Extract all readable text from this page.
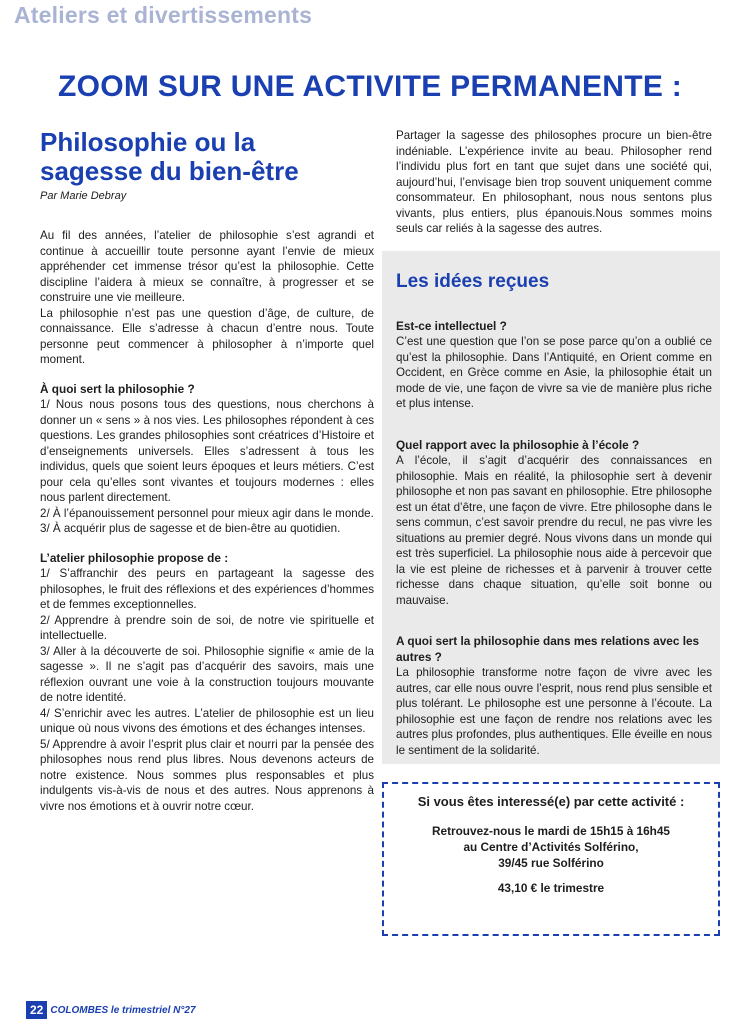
Ateliers et divertissements
ZOOM SUR UNE ACTIVITE PERMANENTE :
Philosophie ou la
sagesse du bien-être
Par Marie Debray

Au fil des années, l’atelier de philosophie s’est agrandi et continue à accueillir toute personne ayant l’envie de mieux appréhender cet immense trésor qu’est la philosophie. Cette discipline l’aidera à mieux se connaître, à progresser et se construire une vie meilleure.

La philosophie n’est pas une question d’âge, de culture, de connaissance. Elle s’adresse à chacun d’entre nous. Toute personne peut commencer à philosopher à n’importe quel moment.

À quoi sert la philosophie ?

1/ Nous nous posons tous des questions, nous cherchons à donner un « sens » à nos vies. Les philosophes répondent à ces questions. Les grandes philosophies sont créatrices d’Histoire et d’enseignements universels. Elles s’adressent à tous les individus, quels que soient leurs époques et leurs métiers. C’est pour cela qu’elles sont vivantes et toujours modernes : elles nous parlent directement.

2/ À l’épanouissement personnel pour mieux agir dans le monde.

3/ À acquérir plus de sagesse et de bien-être au quotidien.

L’atelier philosophie propose de :

1/ S’affranchir des peurs en partageant la sagesse des philosophes, le fruit des réflexions et des expériences d’hommes et de femmes exceptionnelles.

2/ Apprendre à prendre soin de soi, de notre vie spirituelle et intellectuelle.

3/ Aller à la découverte de soi. Philosophie signifie « amie de la sagesse ». Il ne s’agit pas d’acquérir des savoirs, mais une réflexion ouvrant une voie à la construction toujours mouvante de notre identité.

4/ S’enrichir avec les autres. L’atelier de philosophie est un lieu unique où nous vivons des émotions et des échanges intenses.

5/ Apprendre à avoir l’esprit plus clair et nourri par la pensée des philosophes nous rend plus libres. Nous devenons acteurs de notre existence. Nous sommes plus responsables et plus indulgents vis-à-vis de nous et des autres. Nous apprenons à vivre nos émotions et à ouvrir notre cœur.

Partager la sagesse des philosophes procure un bien-être indéniable. L’expérience invite au beau. Philosopher rend l’individu plus fort en tant que sujet dans une société qui, aujourd’hui, l’envisage bien trop souvent uniquement comme consommateur. En philosophant, nous nous sentons plus vivants, plus entiers, plus épanouis.Nous sommes moins seuls car reliés à la sagesse des autres.

Les idées reçues
Est-ce intellectuel ?

C’est une question que l’on se pose parce qu’on a oublié ce qu’est la philosophie. Dans l’Antiquité, en Orient comme en Occident, en Grèce comme en Asie, la philosophie était un mode de vie, une façon de vivre sa vie de manière plus riche et plus intense.

Quel rapport avec la philosophie à l’école ?

A l’école, il s’agit d’acquérir des connaissances en philosophie. Mais en réalité, la philosophie sert à devenir philosophe et non pas savant en philosophie. Etre philosophe est un état d’être, une façon de vivre. Etre philosophe dans le sens commun, c’est savoir prendre du recul, ne pas vivre les situations au premier degré. Nous vivons dans un monde qui est très superficiel. La philosophie nous aide à percevoir que la vie est pleine de richesses et à parvenir à trouver cette richesse dans chaque situation, qu’elle soit bonne ou mauvaise.

A quoi sert la philosophie dans mes relations avec les autres ?

La philosophie transforme notre façon de vivre avec les autres, car elle nous ouvre l’esprit, nous rend plus sensible et plus tolérant. Le philosophe est une personne à l’écoute. La philosophie est une façon de rendre nos relations avec les autres plus profondes, plus authentiques. Elle éveille en nous le sentiment de la solidarité.

Si vous êtes interessé(e) par cette activité :
Retrouvez-nous le mardi de 15h15 à 16h45
au Centre d’Activités Solférino,
39/45 rue Solférino
43,10 € le trimestre
22 COLOMBES le trimestriel N°27
